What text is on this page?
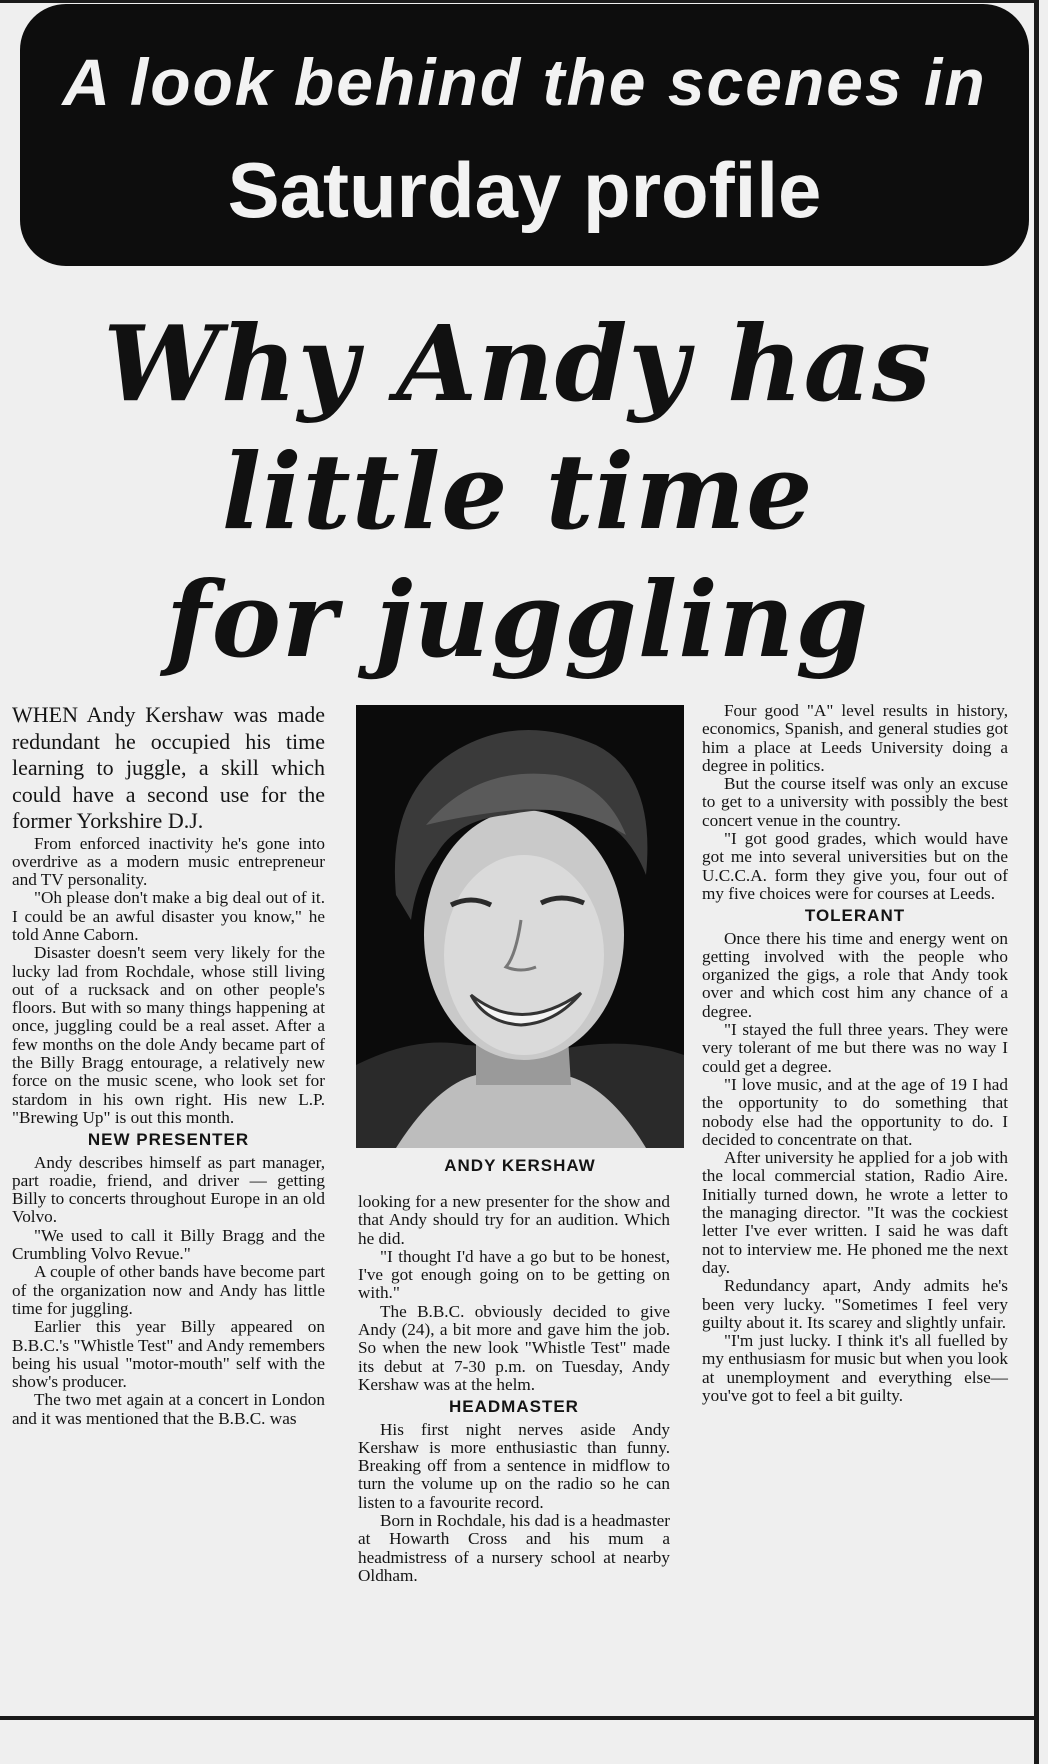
A look behind the scenes in
Saturday profile
Why Andy has
little time
for juggling

WHEN Andy Kershaw was made redundant he occupied his time learning to juggle, a skill which could have a second use for the former Yorkshire D.J.

From enforced inactivity he's gone into overdrive as a modern music entrepreneur and TV personality.

"Oh please don't make a big deal out of it. I could be an awful disaster you know," he told Anne Caborn.

Disaster doesn't seem very likely for the lucky lad from Rochdale, whose still living out of a rucksack and on other people's floors. But with so many things happening at once, juggling could be a real asset. After a few months on the dole Andy became part of the Billy Bragg entourage, a relatively new force on the music scene, who look set for stardom in his own right. His new L.P. "Brewing Up" is out this month.

NEW PRESENTER

Andy describes himself as part manager, part roadie, friend, and driver — getting Billy to concerts throughout Europe in an old Volvo.

"We used to call it Billy Bragg and the Crumbling Volvo Revue."

A couple of other bands have become part of the organization now and Andy has little time for juggling.

Earlier this year Billy appeared on B.B.C.'s "Whistle Test" and Andy remembers being his usual "motor-mouth" self with the show's producer.

The two met again at a concert in London and it was mentioned that the B.B.C. was

ANDY KERSHAW

looking for a new presenter for the show and that Andy should try for an audition. Which he did.

"I thought I'd have a go but to be honest, I've got enough going on to be getting on with."

The B.B.C. obviously decided to give Andy (24), a bit more and gave him the job. So when the new look "Whistle Test" made its debut at 7-30 p.m. on Tuesday, Andy Kershaw was at the helm.

HEADMASTER

His first night nerves aside Andy Kershaw is more enthusiastic than funny. Breaking off from a sentence in midflow to turn the volume up on the radio so he can listen to a favourite record.

Born in Rochdale, his dad is a headmaster at Howarth Cross and his mum a headmistress of a nursery school at nearby Oldham.

Four good "A" level results in history, economics, Spanish, and general studies got him a place at Leeds University doing a degree in politics.

But the course itself was only an excuse to get to a university with possibly the best concert venue in the country.

"I got good grades, which would have got me into several universities but on the U.C.C.A. form they give you, four out of my five choices were for courses at Leeds.

TOLERANT

Once there his time and energy went on getting involved with the people who organized the gigs, a role that Andy took over and which cost him any chance of a degree.

"I stayed the full three years. They were very tolerant of me but there was no way I could get a degree.

"I love music, and at the age of 19 I had the opportunity to do something that nobody else had the opportunity to do. I decided to concentrate on that.

After university he applied for a job with the local commercial station, Radio Aire. Initially turned down, he wrote a letter to the managing director. "It was the cockiest letter I've ever written. I said he was daft not to interview me. He phoned me the next day.

Redundancy apart, Andy admits he's been very lucky. "Sometimes I feel very guilty about it. Its scarey and slightly unfair.

"I'm just lucky. I think it's all fuelled by my enthusiasm for music but when you look at unemployment and everything else—you've got to feel a bit guilty.
